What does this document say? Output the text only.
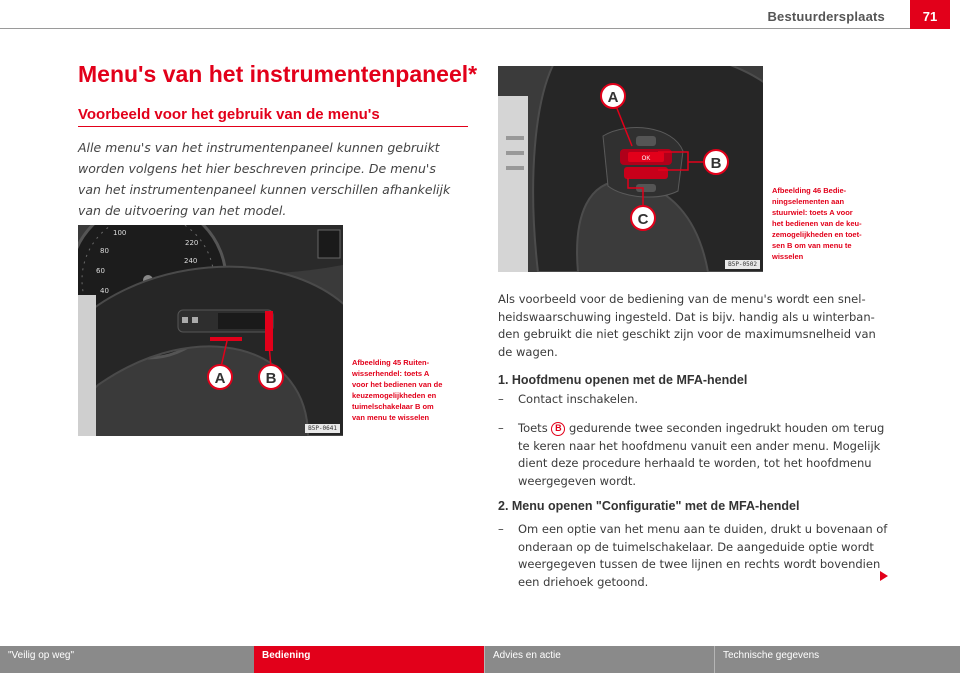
Bestuurdersplaats	71
Menu's van het instrumentenpaneel*
Voorbeeld voor het gebruik van de menu's
Alle menu's van het instrumentenpaneel kunnen gebruikt
worden volgens het hier beschreven principe. De menu's
van het instrumentenpaneel kunnen verschillen afhankelijk
van de uitvoering van het model.
100
80
60
40
220
240
A	B
B5P-0641
Afbeelding 45 Ruiten-
wisserhendel: toets A
voor het bedienen van de
keuzemogelijkheden en
tuimelschakelaar B om
van menu te wisselen
OK
A
B
C
B5P-0502
Afbeelding 46 Bedie-
ningselementen aan
stuurwiel: toets A voor
het bedienen van de keu-
zemogelijkheden en toet-
sen B om van menu te
wisselen
Als voorbeeld voor de bediening van de menu's wordt een snel-
heidswaarschuwing ingesteld. Dat is bijv. handig als u winterban-
den gebruikt die niet geschikt zijn voor de maximumsnelheid van
de wagen.
1. Hoofdmenu openen met de MFA-hendel
– Contact inschakelen.
– Toets B gedurende twee seconden ingedrukt houden om terug
te keren naar het hoofdmenu vanuit een ander menu. Mogelijk
dient deze procedure herhaald te worden, tot het hoofdmenu
weergegeven wordt.
2. Menu openen "Configuratie" met de MFA-hendel
– Om een optie van het menu aan te duiden, drukt u bovenaan of
onderaan op de tuimelschakelaar. De aangeduide optie wordt
weergegeven tussen de twee lijnen en rechts wordt bovendien
een driehoek getoond.
"Veilig op weg"	Bediening	Advies en actie	Technische gegevens
